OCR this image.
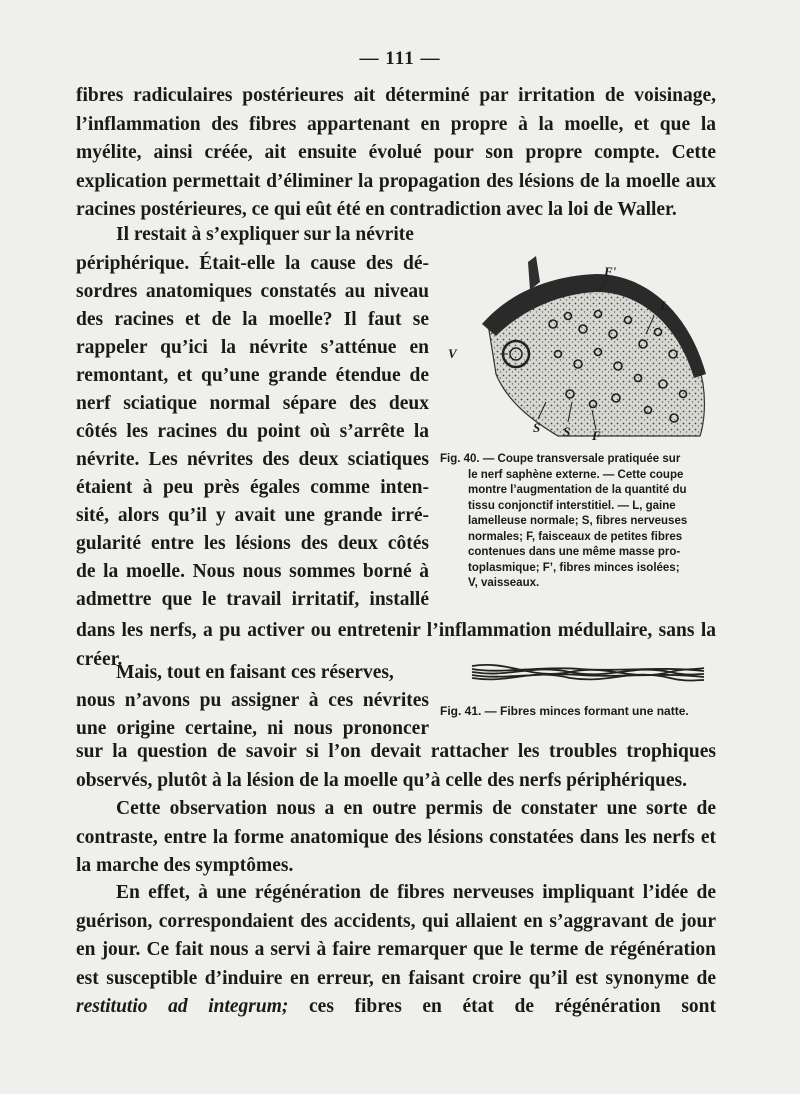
— 111 —
fibres radiculaires postérieures ait déterminé par irritation de voisinage, l’inflammation des fibres appartenant en propre à la moelle, et que la myélite, ainsi créée, ait ensuite évolué pour son propre compte. Cette explication permettait d’éliminer la propagation des lésions de la moelle aux racines postérieures, ce qui eût été en contradiction avec la loi de Waller.
Il restait à s’expliquer sur la névrite
périphérique. Était-elle la cause des dé-
sordres anatomiques constatés au niveau
des racines et de la moelle? Il faut se
rappeler qu’ici la névrite s’atténue en
remontant, et qu’une grande étendue de
nerf sciatique normal sépare des deux
côtés les racines du point où s’arrête la
névrite. Les névrites des deux sciatiques
étaient à peu près égales comme inten-
sité, alors qu’il y avait une grande irré-
gularité entre les lésions des deux côtés
de la moelle. Nous nous sommes borné à
admettre que le travail irritatif, installé
dans les nerfs, a pu activer ou entretenir l’inflammation médullaire, sans la créer.
F'
L
V
S S F
Fig. 40. — Coupe transversale pratiquée sur
le nerf saphène externe. — Cette coupe
montre l’augmentation de la quantité du
tissu conjonctif interstitiel. — L, gaine
lamelleuse normale; S, fibres nerveuses
normales; F, faisceaux de petites fibres
contenues dans une même masse pro-
toplasmique; F’, fibres minces isolées;
V, vaisseaux.
Mais, tout en faisant ces réserves,
nous n’avons pu assigner à ces névrites
une origine certaine, ni nous prononcer
Fig. 41. — Fibres minces formant une natte.
sur la question de savoir si l’on devait rattacher les troubles trophiques observés, plutôt à la lésion de la moelle qu’à celle des nerfs périphériques.
Cette observation nous a en outre permis de constater une sorte de contraste, entre la forme anatomique des lésions constatées dans les nerfs et la marche des symptômes.
En effet, à une régénération de fibres nerveuses impliquant l’idée de guérison, correspondaient des accidents, qui allaient en s’aggravant de jour en jour. Ce fait nous a servi à faire remarquer que le terme de régénération est susceptible d’induire en erreur, en faisant croire qu’il est synonyme de restitutio ad integrum; ces fibres en état de régénération sont
